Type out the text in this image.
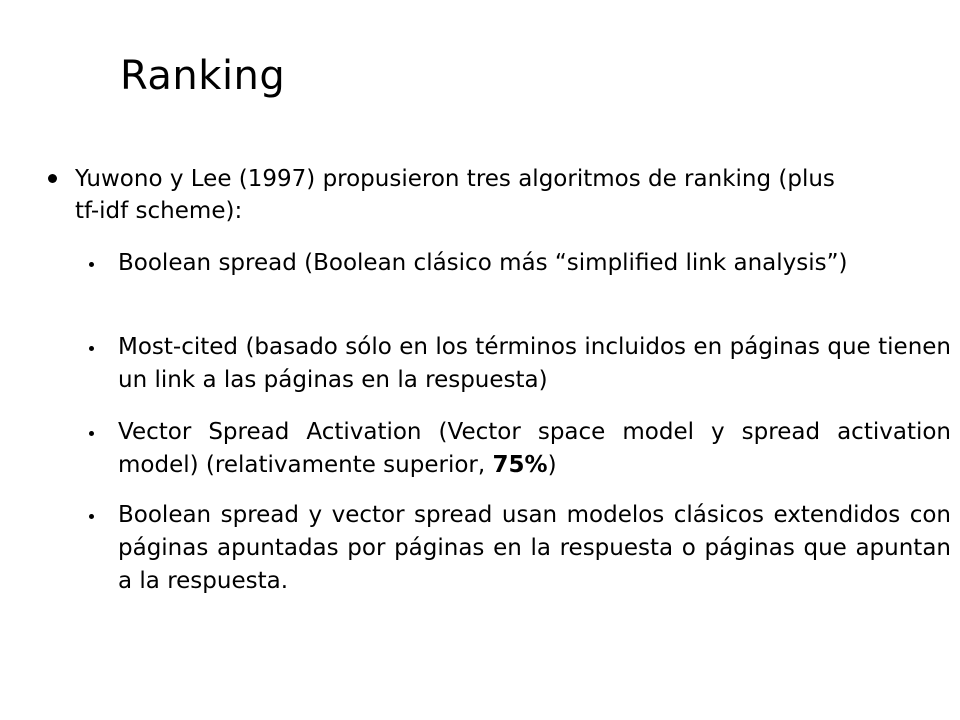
Ranking
Yuwono y Lee (1997) propusieron tres algoritmos de ranking (plus tf-idf scheme):
Boolean spread (Boolean clásico más “simplified link analysis”)
Most-cited (basado sólo en los términos incluidos en páginas que tienen un link a las páginas en la respuesta)
Vector Spread Activation (Vector space model y spread activation model) (relativamente superior, 75%)
Boolean spread y vector spread usan modelos clásicos extendidos con páginas apuntadas por páginas en la respuesta o páginas que apuntan a la respuesta.
